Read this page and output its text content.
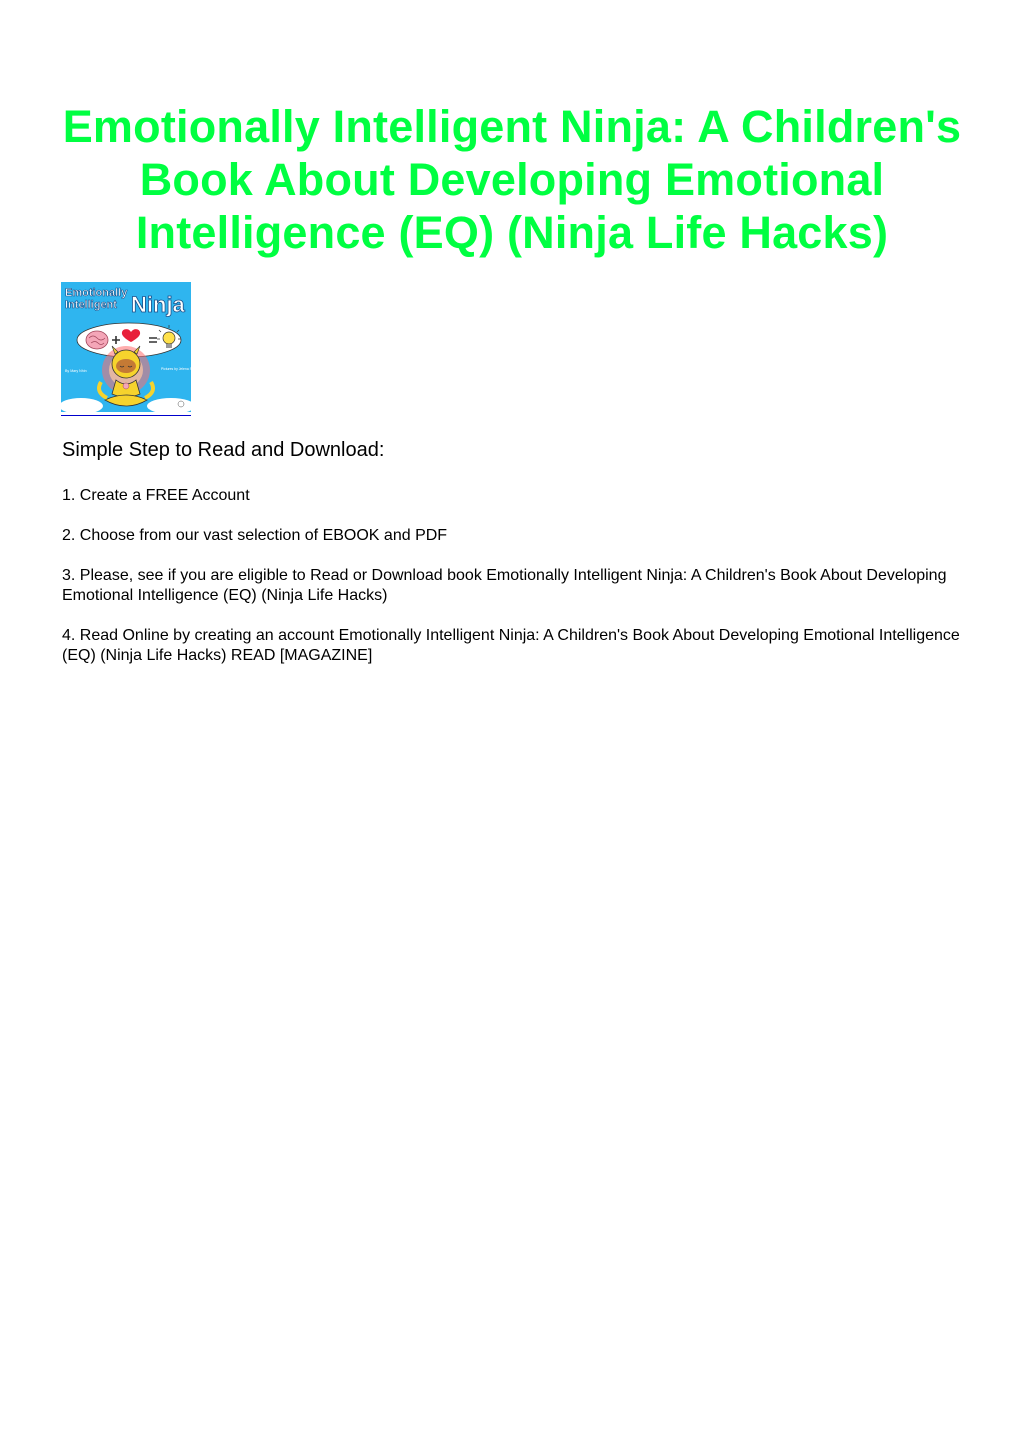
Emotionally Intelligent Ninja: A Children's Book About Developing Emotional Intelligence (EQ) (Ninja Life Hacks)
Emotionally
Intelligent Ninja
By Mary Nhin	Pictures by Jelena Stupar

Simple Step to Read and Download:

1. Create a FREE Account

2. Choose from our vast selection of EBOOK and PDF

3. Please, see if you are eligible to Read or Download book Emotionally Intelligent Ninja: A Children's Book About Developing Emotional Intelligence (EQ) (Ninja Life Hacks)

4. Read Online by creating an account Emotionally Intelligent Ninja: A Children's Book About Developing Emotional Intelligence (EQ) (Ninja Life Hacks) READ [MAGAZINE]
